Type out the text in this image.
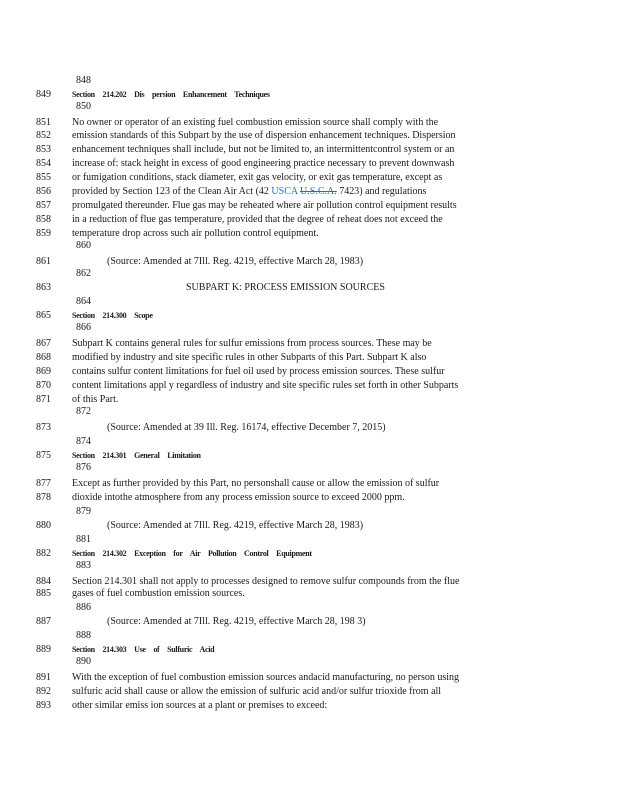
848
849	Section 214.202 Dis persion Enhancement Techniques
850
851	No owner or operator of an existing fuel combustion emission source shall comply with the
852	emission standards of this Subpart by the use of dispersion enhancement techniques. Dispersion
853	enhancement techniques shall include, but not be limited to, an intermittentcontrol system or an
854	increase of: stack height in excess of good engineering practice necessary to prevent downwash
855	or fumigation conditions, stack diameter, exit gas velocity, or exit gas temperature, except as
856	provided by Section 123 of the Clean Air Act (42 USCA U.S.C.A. 7423) and regulations
857	promulgated thereunder. Flue gas may be reheated where air pollution control equipment results
858	in a reduction of flue gas temperature, provided that the degree of reheat does not exceed the
859	temperature drop across such air pollution control equipment.
860
861	(Source: Amended at 7Ill. Reg. 4219, effective March 28, 1983)
862
863	SUBPART K: PROCESS EMISSION SOURCES
864
865	Section 214.300 Scope
866
867	Subpart K contains general rules for sulfur emissions from process sources. These may be
868	modified by industry and site specific rules in other Subparts of this Part. Subpart K also
869	contains sulfur content limitations for fuel oil used by process emission sources. These sulfur
870	content limitations appl y regardless of industry and site specific rules set forth in other Subparts
871	of this Part.
872
873	(Source: Amended at 39 Ill. Reg. 16174, effective December 7, 2015)
874
875	Section 214.301 General Limitation
876
877	Except as further provided by this Part, no personshall cause or allow the emission of sulfur
878	dioxide intothe atmosphere from any process emission source to exceed 2000 ppm.
879
880	(Source: Amended at 7Ill. Reg. 4219, effective March 28, 1983)
881
882	Section 214.302 Exception for Air Pollution Control Equipment
883
884	Section 214.301 shall not apply to processes designed to remove sulfur compounds from the flue
885	gases of fuel combustion emission sources.
886
887	(Source: Amended at 7Ill. Reg. 4219, effective March 28, 198 3)
888
889	Section 214.303 Use of Sulfuric Acid
890
891	With the exception of fuel combustion emission sources andacid manufacturing, no person using
892	sulfuric acid shall cause or allow the emission of sulfuric acid and/or sulfur trioxide from all
893	other similar emiss ion sources at a plant or premises to exceed:
